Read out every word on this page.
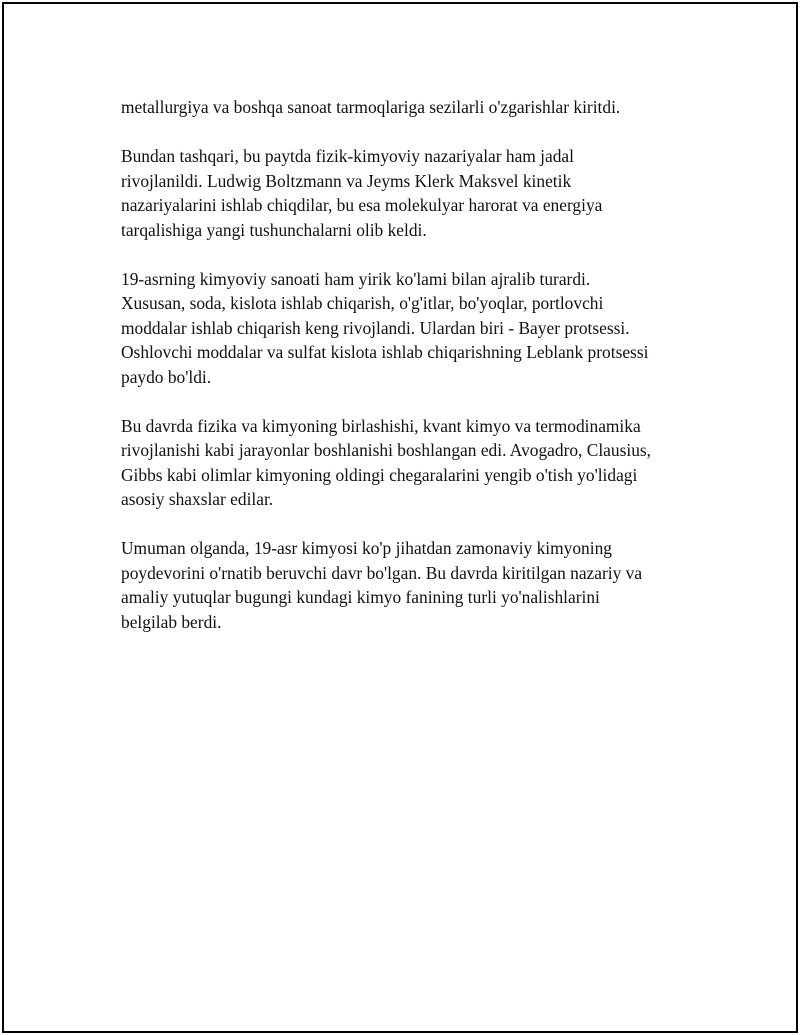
metallurgiya va boshqa sanoat tarmoqlariga sezilarli o'zgarishlar kiritdi.

Bundan tashqari, bu paytda fizik-kimyoviy nazariyalar ham jadal
rivojlanildi. Ludwig Boltzmann va Jeyms Klerk Maksvel kinetik
nazariyalarini ishlab chiqdilar, bu esa molekulyar harorat va energiya
tarqalishiga yangi tushunchalarni olib keldi.

19-asrning kimyoviy sanoati ham yirik ko'lami bilan ajralib turardi.
Xususan, soda, kislota ishlab chiqarish, o'g'itlar, bo'yoqlar, portlovchi
moddalar ishlab chiqarish keng rivojlandi. Ulardan biri - Bayer protsessi.
Oshlovchi moddalar va sulfat kislota ishlab chiqarishning Leblank protsessi
paydo bo'ldi.

Bu davrda fizika va kimyoning birlashishi, kvant kimyo va termodinamika
rivojlanishi kabi jarayonlar boshlanishi boshlangan edi. Avogadro, Clausius,
Gibbs kabi olimlar kimyoning oldingi chegaralarini yengib o'tish yo'lidagi
asosiy shaxslar edilar.

Umuman olganda, 19-asr kimyosi ko'p jihatdan zamonaviy kimyoning
poydevorini o'rnatib beruvchi davr bo'lgan. Bu davrda kiritilgan nazariy va
amaliy yutuqlar bugungi kundagi kimyo fanining turli yo'nalishlarini
belgilab berdi.
